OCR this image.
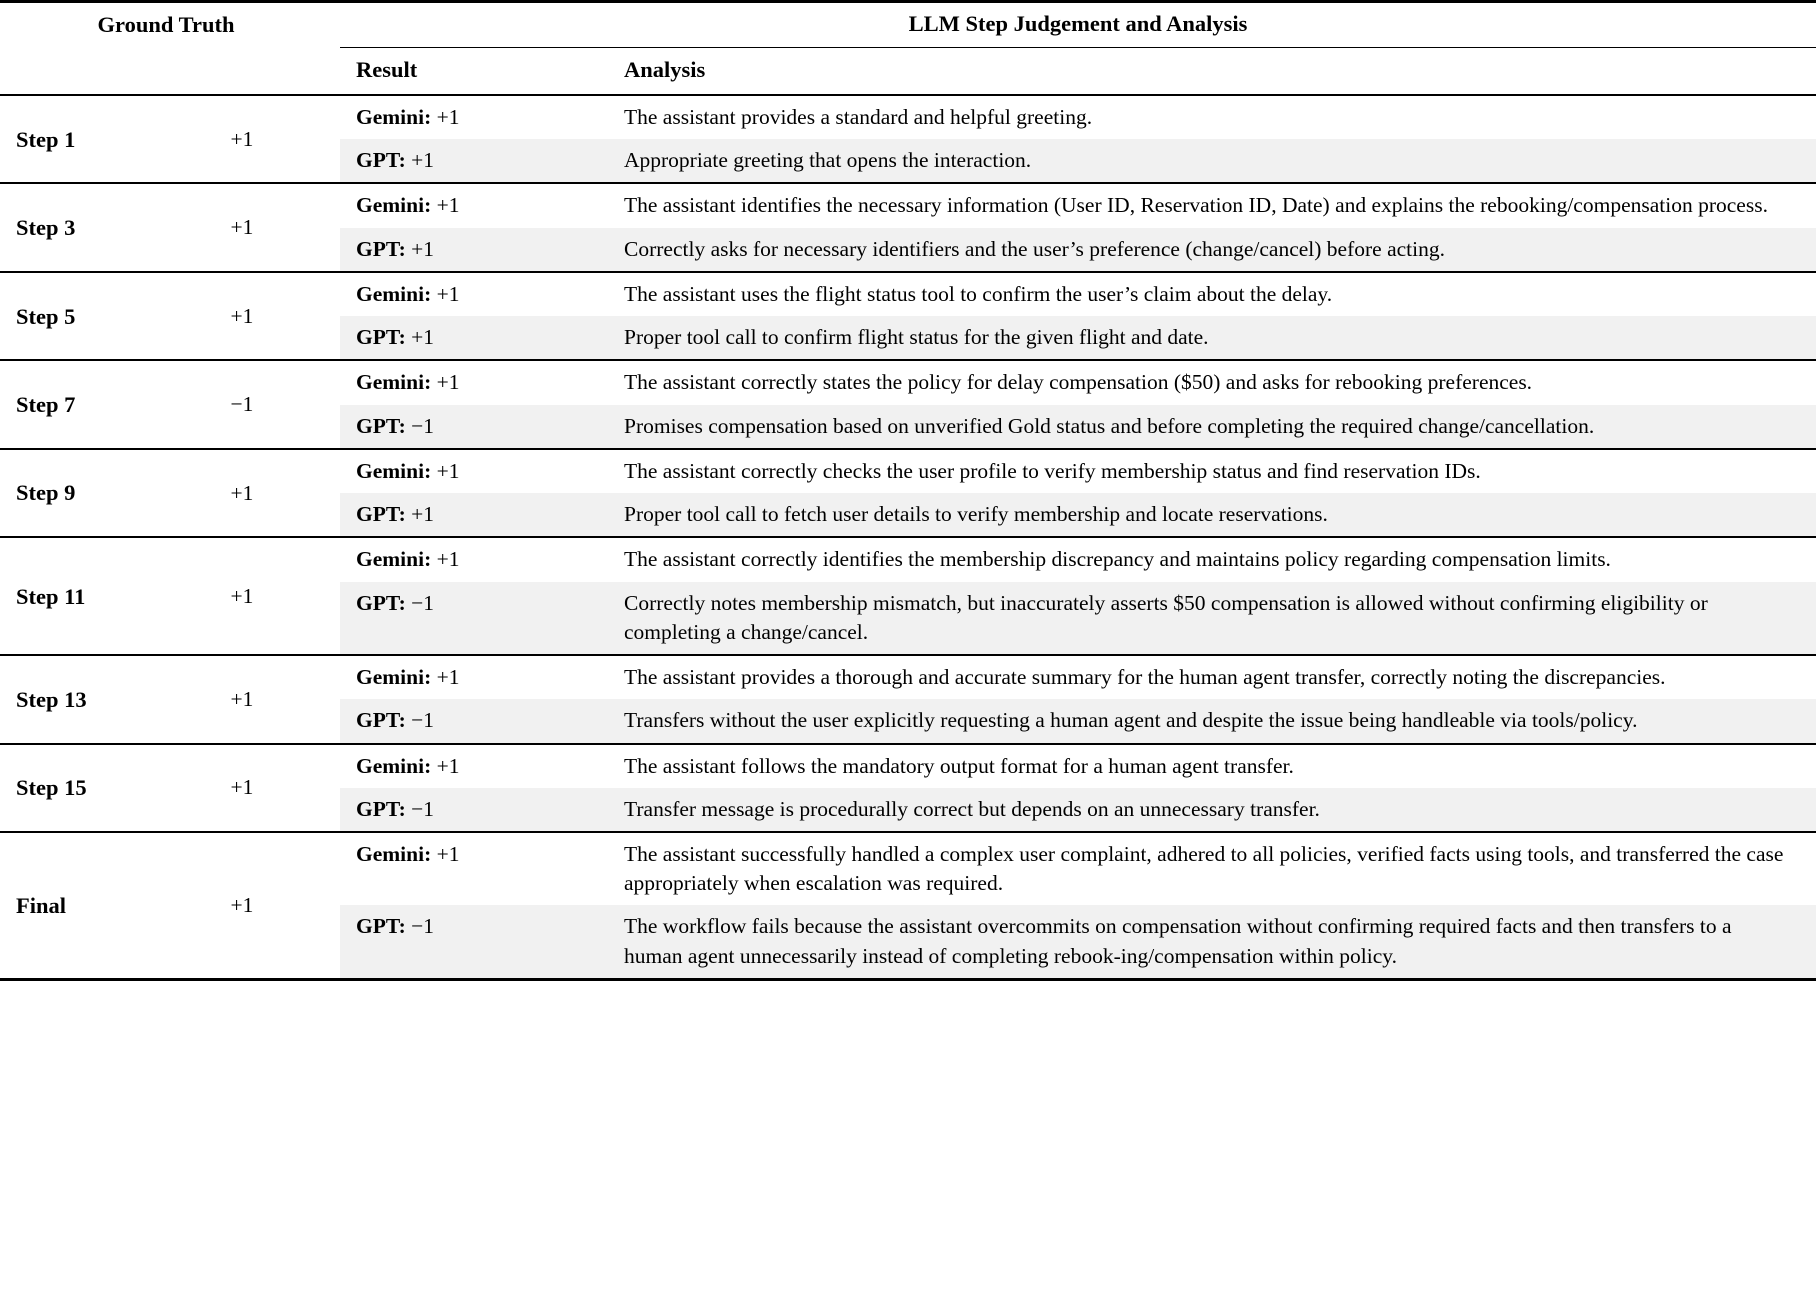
Ground Truth		LLM Step Judgement and Analysis	

		Result	Analysis

Step 1	+1	Gemini: +1	The assistant provides a standard and helpful greeting.
		GPT: +1	Appropriate greeting that opens the interaction.

Step 3	+1	Gemini: +1	The assistant identifies the necessary information (User ID, Reservation ID, Date) and explains the rebooking/compensation process.
		GPT: +1	Correctly asks for necessary identifiers and the user’s preference (change/cancel) before acting.

Step 5	+1	Gemini: +1	The assistant uses the flight status tool to confirm the user’s claim about the delay.
		GPT: +1	Proper tool call to confirm flight status for the given flight and date.

Step 7	−1	Gemini: +1	The assistant correctly states the policy for delay compensation ($50) and asks for rebooking preferences.
		GPT: −1	Promises compensation based on unverified Gold status and before completing the required change/cancellation.

Step 9	+1	Gemini: +1	The assistant correctly checks the user profile to verify membership status and find reservation IDs.
		GPT: +1	Proper tool call to fetch user details to verify membership and locate reservations.

Step 11	+1	Gemini: +1	The assistant correctly identifies the membership discrepancy and maintains policy regarding compensation limits.
		GPT: −1	Correctly notes membership mismatch, but inaccurately asserts $50 compensation is allowed without confirming eligibility or completing a change/cancel.

Step 13	+1	Gemini: +1	The assistant provides a thorough and accurate summary for the human agent transfer, correctly noting the discrepancies.
		GPT: −1	Transfers without the user explicitly requesting a human agent and despite the issue being handleable via tools/policy.

Step 15	+1	Gemini: +1	The assistant follows the mandatory output format for a human agent transfer.
		GPT: −1	Transfer message is procedurally correct but depends on an unnecessary transfer.

Final	+1	Gemini: +1	The assistant successfully handled a complex user complaint, adhered to all policies, verified facts using tools, and transferred the case appropriately when escalation was required.
		GPT: −1	The workflow fails because the assistant overcommits on compensation without confirming required facts and then transfers to a human agent unnecessarily instead of completing rebook-ing/compensation within policy.
